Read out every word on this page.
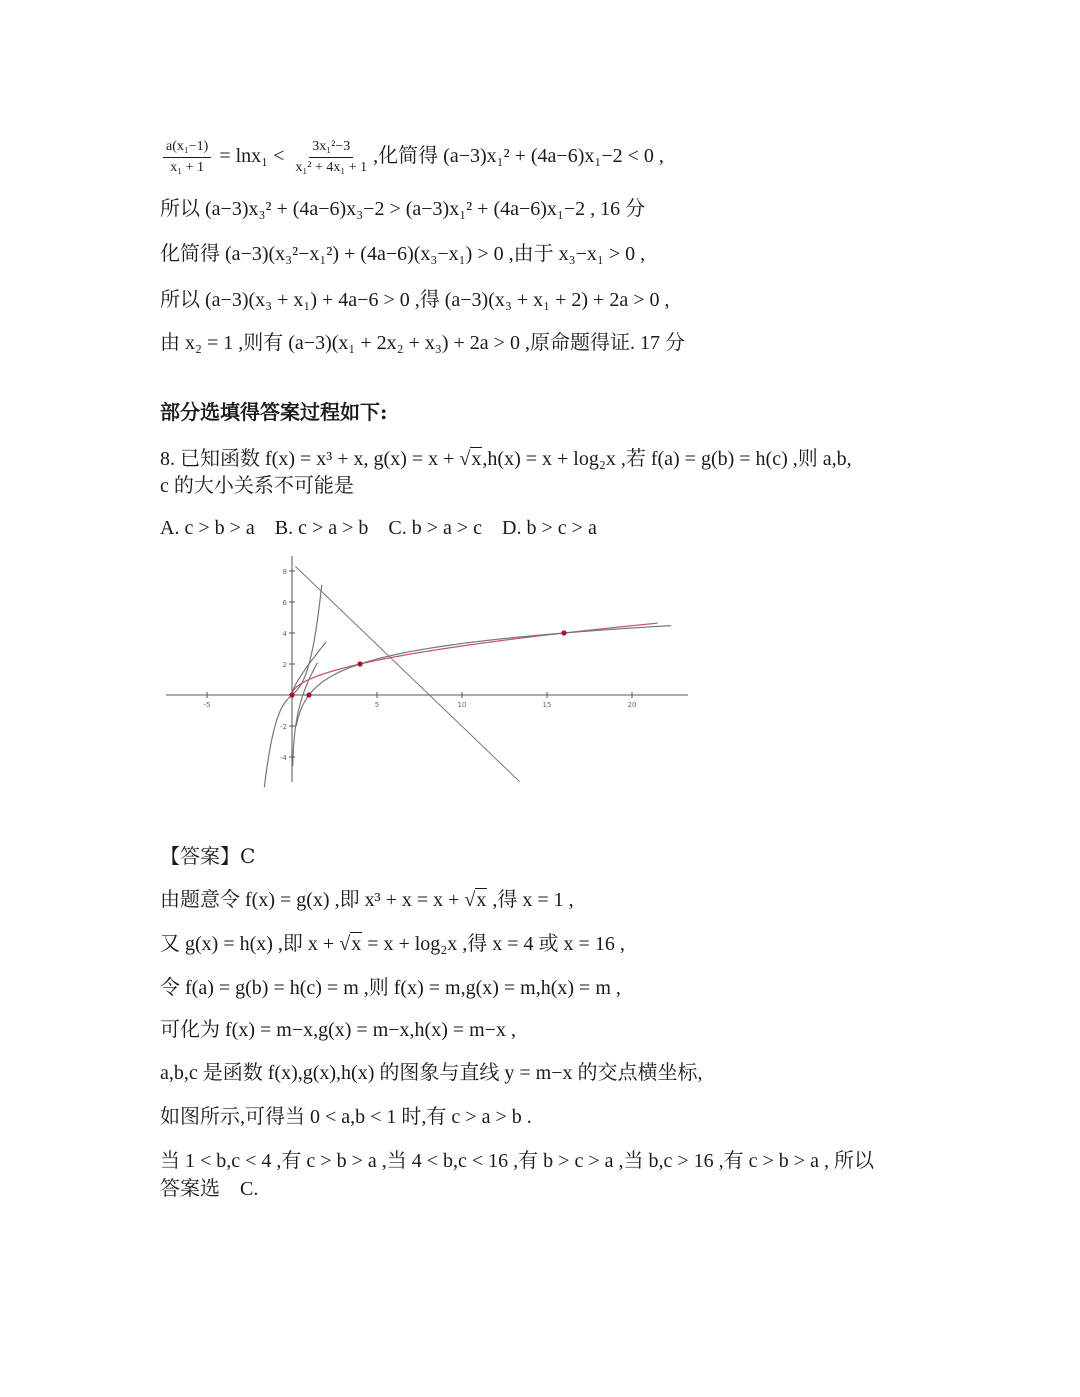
$\frac{\text{a(x₁−1)}}{\text{x₁ + 1}} = \ln x_1 < \frac{\text{3x₁²−3}}{\text{x₁² + 4x₁ + 1}}$ ,化简得 (a−3)x₁² + (4a−6)x₁−2 < 0 ,
所以 (a−3)x₃² + (4a−6)x₃−2 > (a−3)x₁² + (4a−6)x₁−2 , 16 分
化简得 (a−3)(x₃²−x₁²) + (4a−6)(x₃−x₁) > 0 ,由于 x₃−x₁ > 0 ,
所以 (a−3)(x₃ + x₁) + 4a−6 > 0 ,得 (a−3)(x₃ + x₁ + 2) + 2a > 0 ,
由 x₂ = 1 ,则有 (a−3)(x₁ + 2x₂ + x₃) + 2a > 0 ,原命题得证. 17 分
部分选填得答案过程如下:
8. 已知函数 f(x) = x³ + x, g(x) = x + √x,h(x) = x + log₂x ,若 f(a) = g(b) = h(c) ,则 a,b,
c 的大小关系不可能是
A. c > b > a    B. c > a > b    C. b > a > c    D. b > c > a
-5	5	10	15	20
8
6
4
2
-2
-4
【答案】C
由题意令 f(x) = g(x) ,即 x³ + x = x + √x ,得 x = 1 ,
又 g(x) = h(x) ,即 x + √x = x + log₂x ,得 x = 4 或 x = 16 ,
令 f(a) = g(b) = h(c) = m ,则 f(x) = m,g(x) = m,h(x) = m ,
可化为 f(x) = m−x,g(x) = m−x,h(x) = m−x ,
a,b,c 是函数 f(x),g(x),h(x) 的图象与直线 y = m−x 的交点横坐标,
如图所示,可得当 0 < a,b < 1 时,有 c > a > b .
当 1 < b,c < 4 ,有 c > b > a ,当 4 < b,c < 16 ,有 b > c > a ,当 b,c > 16 ,有 c > b > a , 所以
答案选    C.
